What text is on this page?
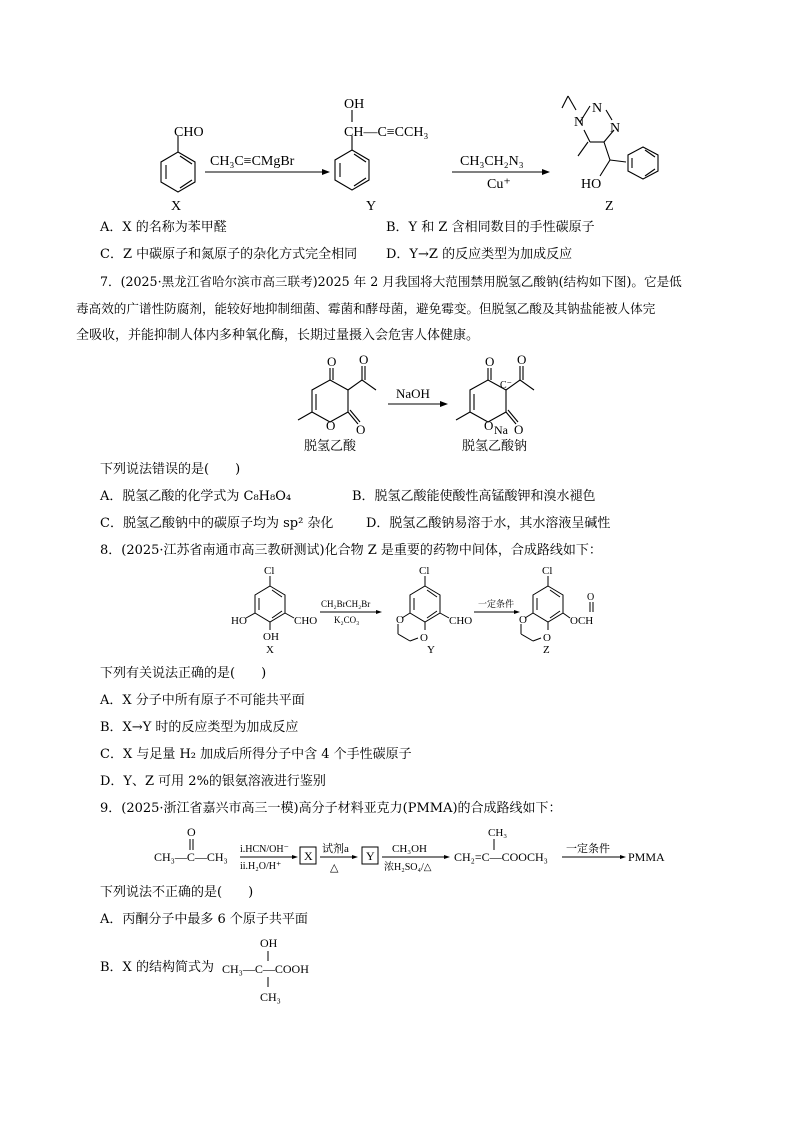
CHO
X
CH₃C≡CMgBr
OH
CH—C≡CCH₃
Y
CH₃CH₂N₃
Cu⁺
N
N
N
HO
Z
A．X 的名称为苯甲醛	B．Y 和 Z 含相同数目的手性碳原子
C．Z 中碳原子和氮原子的杂化方式完全相同 D．Y→Z 的反应类型为加成反应
7．(2025·黑龙江省哈尔滨市高三联考)2025 年 2 月我国将大范围禁用脱氢乙酸钠(结构如下图)。它是低
毒高效的广谱性防腐剂，能较好地抑制细菌、霉菌和酵母菌，避免霉变。但脱氢乙酸及其钠盐能被人体完
全吸收，并能抑制人体内多种氧化酶，长期过量摄入会危害人体健康。
O O
O
O
脱氢乙酸
NaOH
O O
O
O
C⁻
Na
脱氢乙酸钠
下列说法错误的是(　　)
A．脱氢乙酸的化学式为 C₈H₈O₄	B．脱氢乙酸能使酸性高锰酸钾和溴水褪色
C．脱氢乙酸钠中的碳原子均为 sp² 杂化	D．脱氢乙酸钠易溶于水，其水溶液呈碱性
8．(2025·江苏省南通市高三教研测试)化合物 Z 是重要的药物中间体，合成路线如下：
Cl
HO
OH
CHO
X
CH₂BrCH₂Br
K₂CO₃
Cl
O
O
CHO
Y
一定条件
Cl
O
O
O
OCH
Z
下列有关说法正确的是(　　)
A．X 分子中所有原子不可能共平面
B．X→Y 时的反应类型为加成反应
C．X 与足量 H₂ 加成后所得分子中含 4 个手性碳原子
D．Y、Z 可用 2%的银氨溶液进行鉴别
9．(2025·浙江省嘉兴市高三一模)高分子材料亚克力(PMMA)的合成路线如下：
O
CH₃—C—CH₃
i.HCN/OH⁻
ii.H₂O/H⁺
X 试剂a
△
Y CH₃OH
浓H₂SO₄/△
CH₃
CH₂=C—COOCH₃
一定条件
PMMA
下列说法不正确的是(　　)
A．丙酮分子中最多 6 个原子共平面
B．X 的结构简式为
OH
CH₃—C—COOH
CH₃
